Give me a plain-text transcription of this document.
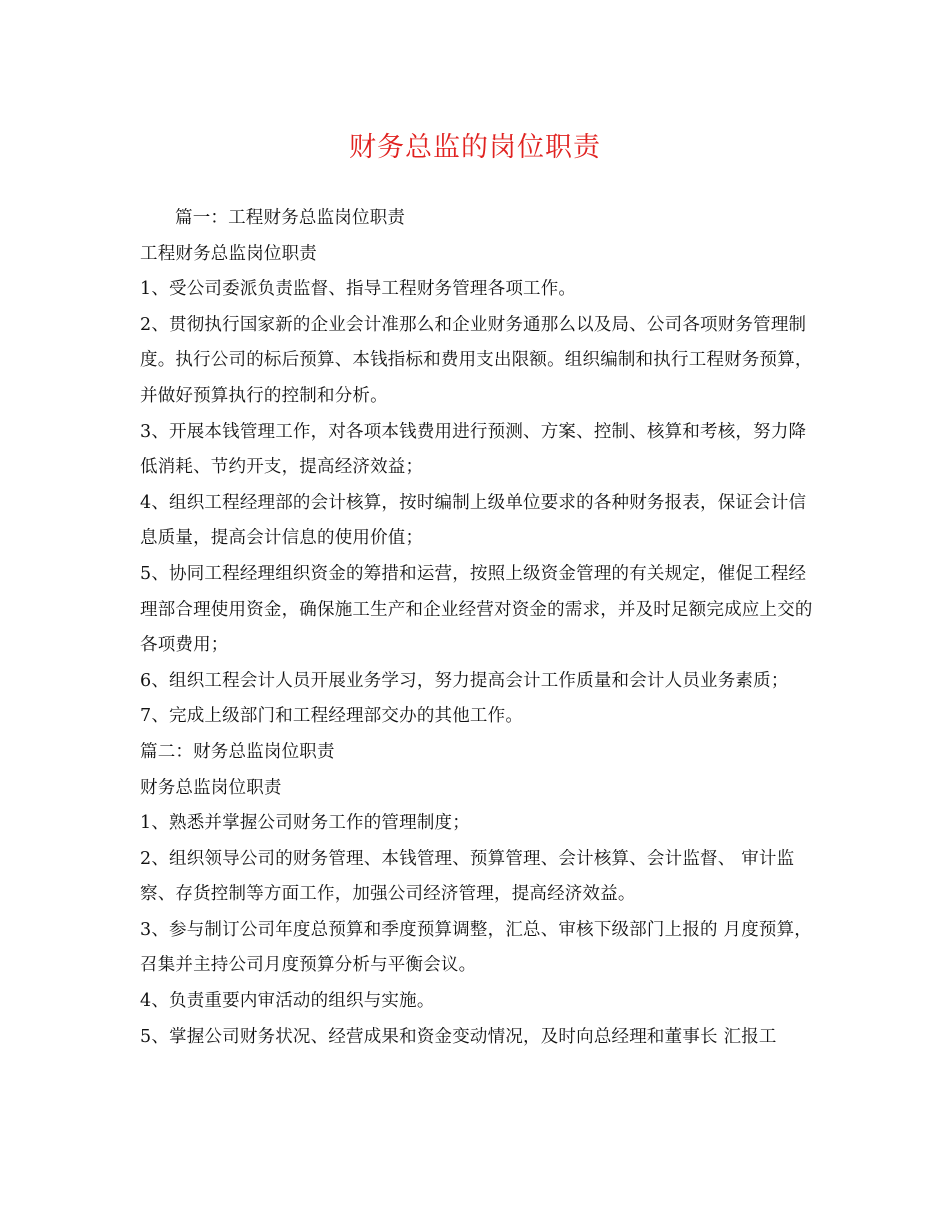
财务总监的岗位职责

篇一：工程财务总监岗位职责

工程财务总监岗位职责

1、受公司委派负责监督、指导工程财务管理各项工作。

2、贯彻执行国家新的企业会计准那么和企业财务通那么以及局、公司各项财务管理制度。执行公司的标后预算、本钱指标和费用支出限额。组织编制和执行工程财务预算，并做好预算执行的控制和分析。

3、开展本钱管理工作，对各项本钱费用进行预测、方案、控制、核算和考核，努力降低消耗、节约开支，提高经济效益；

4、组织工程经理部的会计核算，按时编制上级单位要求的各种财务报表，保证会计信息质量，提高会计信息的使用价值；

5、协同工程经理组织资金的筹措和运营，按照上级资金管理的有关规定，催促工程经理部合理使用资金，确保施工生产和企业经营对资金的需求，并及时足额完成应上交的各项费用；

6、组织工程会计人员开展业务学习，努力提高会计工作质量和会计人员业务素质；

7、完成上级部门和工程经理部交办的其他工作。

篇二：财务总监岗位职责

财务总监岗位职责

1、熟悉并掌握公司财务工作的管理制度；

2、组织领导公司的财务管理、本钱管理、预算管理、会计核算、会计监督、 审计监察、存货控制等方面工作，加强公司经济管理，提高经济效益。

3、参与制订公司年度总预算和季度预算调整，汇总、审核下级部门上报的 月度预算，召集并主持公司月度预算分析与平衡会议。

4、负责重要内审活动的组织与实施。

5、掌握公司财务状况、经营成果和资金变动情况，及时向总经理和董事长 汇报工
